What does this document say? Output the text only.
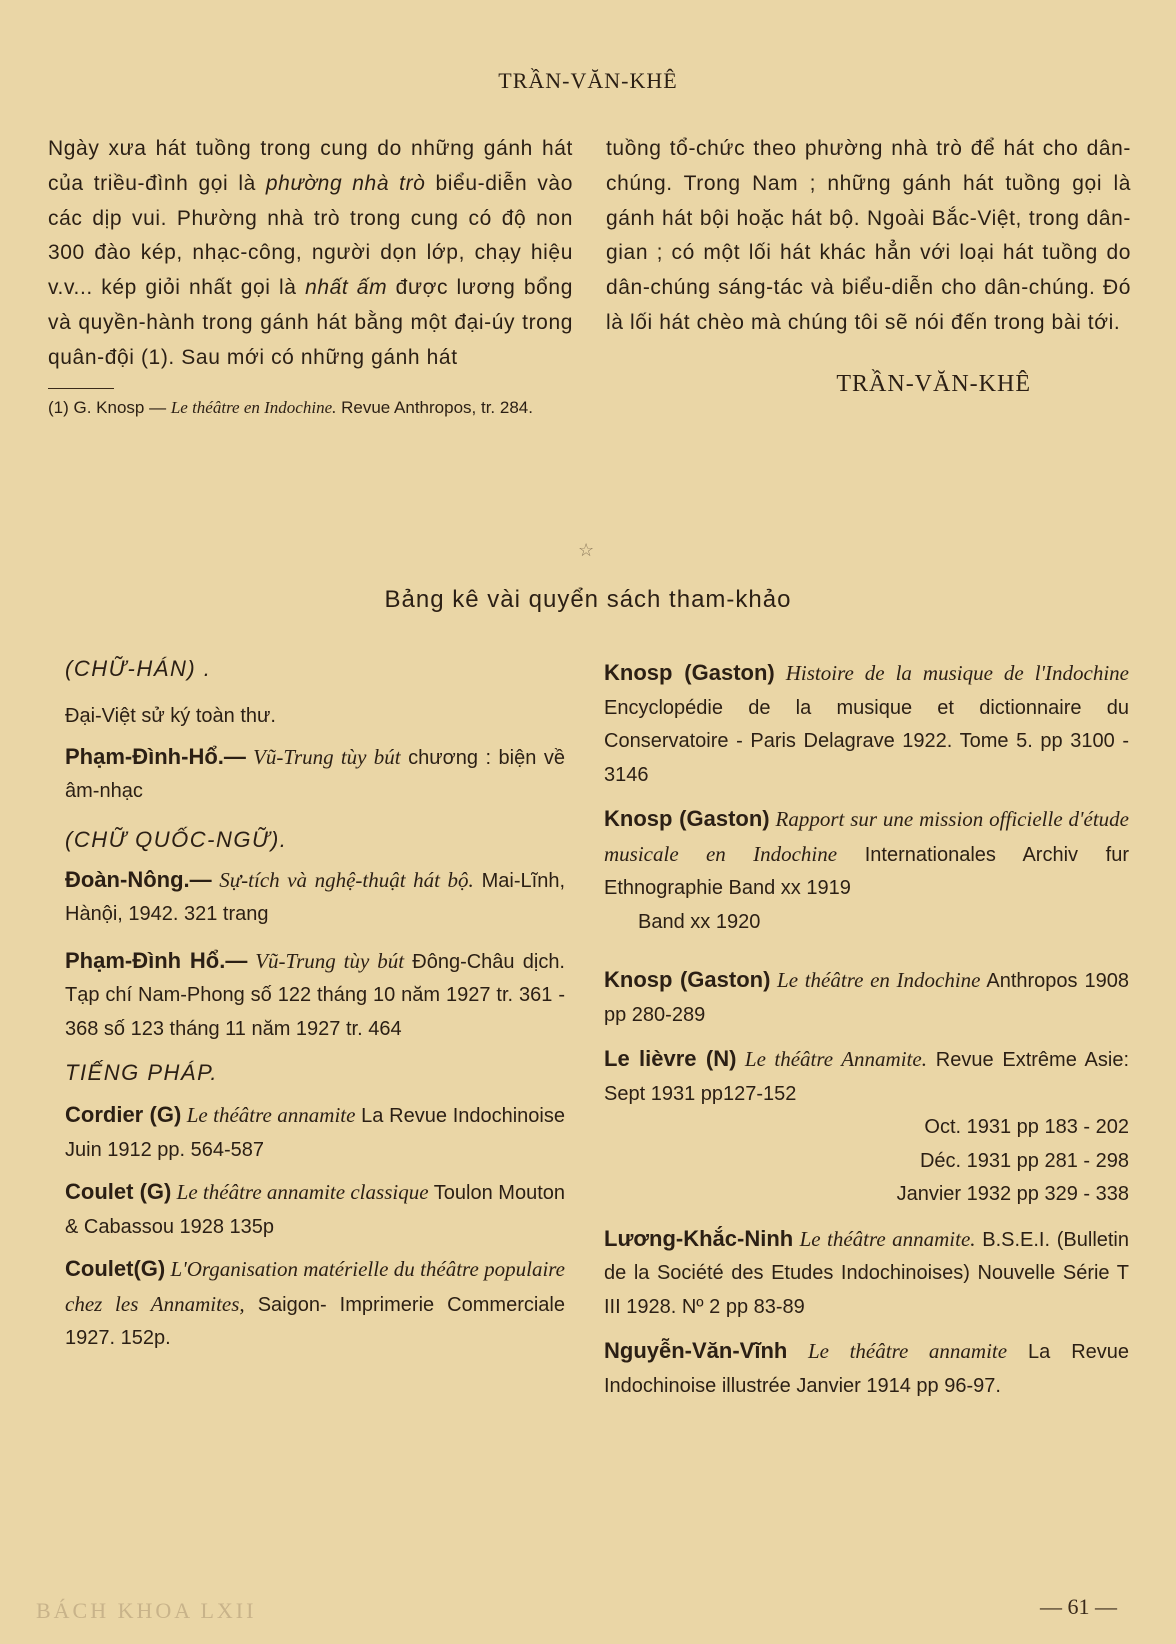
TRẦN-VĂN-KHÊ

Ngày xưa hát tuồng trong cung do những gánh hát của triều-đình gọi là phường nhà trò biểu-diễn vào các dịp vui. Phường nhà trò trong cung có độ non 300 đào kép, nhạc-công, người dọn lớp, chạy hiệu v.v... kép giỏi nhất gọi là nhất ấm được lương bổng và quyền-hành trong gánh hát bằng một đại-úy trong quân-đội (1). Sau mới có những gánh hát

(1) G. Knosp — Le théâtre en Indochine. Revue Anthropos, tr. 284.

tuồng tổ-chức theo phường nhà trò để hát cho dân-chúng. Trong Nam ; những gánh hát tuồng gọi là gánh hát bội hoặc hát bộ. Ngoài Bắc-Việt, trong dân-gian ; có một lối hát khác hẳn với loại hát tuồng do dân-chúng sáng-tác và biểu-diễn cho dân-chúng. Đó là lối hát chèo mà chúng tôi sẽ nói đến trong bài tới.

TRẦN-VĂN-KHÊ
☆
Bảng kê vài quyển sách tham-khảo

(CHỮ-HÁN) .

Đại-Việt sử ký toàn thư.

Phạm-Đình-Hổ.— Vũ-Trung tùy bút chương : biện về âm-nhạc

(CHỮ QUỐC-NGỮ).

Đoàn-Nông.— Sự-tích và nghệ-thuật hát bộ. Mai-Lĩnh, Hànội, 1942. 321 trang

Phạm-Đình Hổ.— Vũ-Trung tùy bút Đông-Châu dịch. Tạp chí Nam-Phong số 122 tháng 10 năm 1927 tr. 361 - 368 số 123 tháng 11 năm 1927 tr. 464

TIẾNG PHÁP.

Cordier (G) Le théâtre annamite La Revue Indochinoise Juin 1912 pp. 564-587

Coulet (G) Le théâtre annamite classique Toulon Mouton & Cabassou 1928 135p

Coulet(G) L'Organisation matérielle du théâtre populaire chez les Annamites, Saigon- Imprimerie Commerciale 1927. 152p.

Knosp (Gaston) Histoire de la musique de l'Indochine Encyclopédie de la musique et dictionnaire du Conservatoire - Paris Delagrave 1922. Tome 5. pp 3100 - 3146

Knosp (Gaston) Rapport sur une mission officielle d'étude musicale en Indochine Internationales Archiv fur Ethnographie Band xx 1919

Band xx 1920

Knosp (Gaston) Le théâtre en Indochine Anthropos 1908 pp 280-289

Le lièvre (N) Le théâtre Annamite. Revue Extrême Asie: Sept 1931 pp127-152

Oct. 1931 pp 183 - 202

Déc. 1931 pp 281 - 298

Janvier 1932 pp 329 - 338

Lương-Khắc-Ninh Le théâtre annamite. B.S.E.I. (Bulletin de la Société des Etudes Indochinoises) Nouvelle Série T III 1928. Nº 2 pp 83-89

Nguyễn-Văn-Vĩnh Le théâtre annamite La Revue Indochinoise illustrée Janvier 1914 pp 96-97.

BÁCH KHOA LXII	— 61 —
